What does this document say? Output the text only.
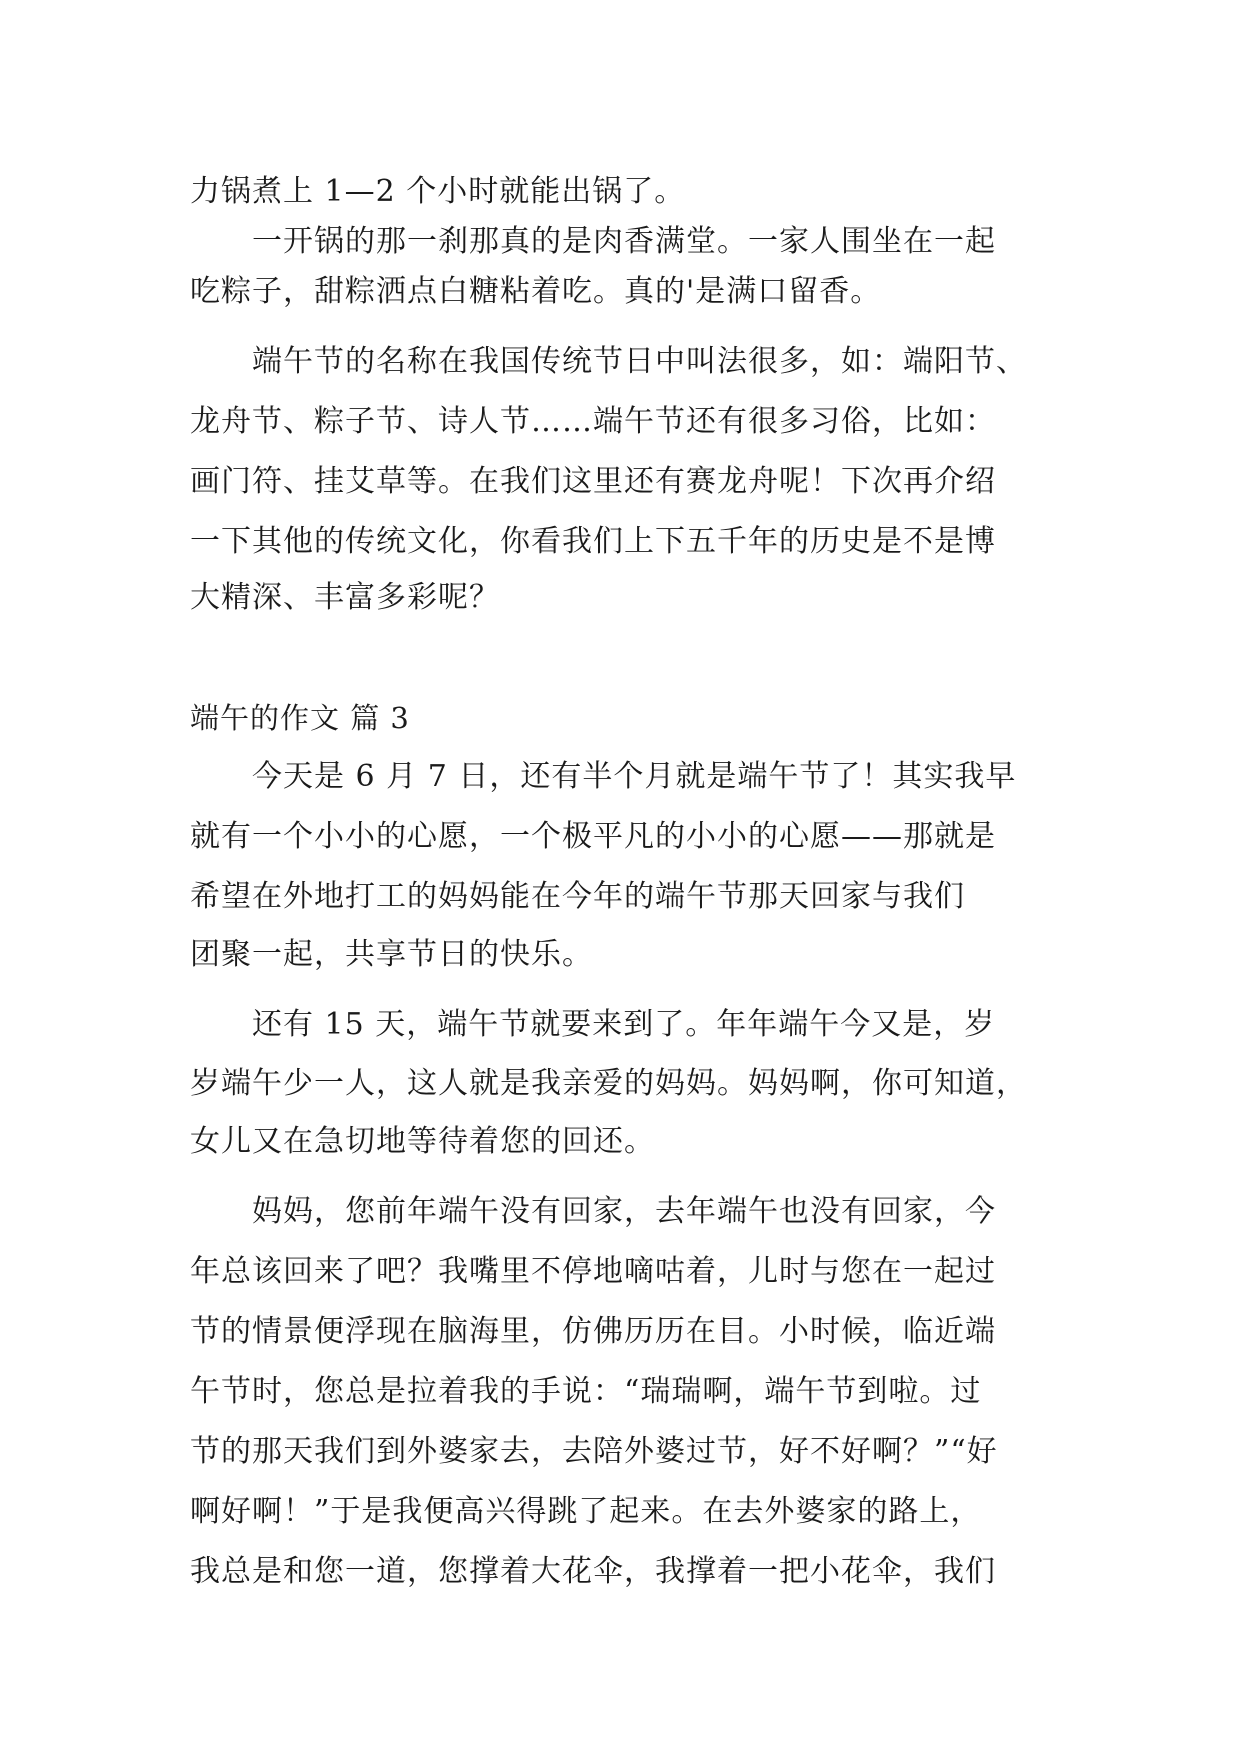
力锅煮上 1—2 个小时就能出锅了。
一开锅的那一刹那真的是肉香满堂。一家人围坐在一起
吃粽子，甜粽洒点白糖粘着吃。真的'是满口留香。
端午节的名称在我国传统节日中叫法很多，如：端阳节、
龙舟节、粽子节、诗人节……端午节还有很多习俗，比如：
画门符、挂艾草等。在我们这里还有赛龙舟呢！下次再介绍
一下其他的传统文化，你看我们上下五千年的历史是不是博
大精深、丰富多彩呢？
端午的作文 篇 3
今天是 6 月 7 日，还有半个月就是端午节了！其实我早
就有一个小小的心愿，一个极平凡的小小的心愿——那就是
希望在外地打工的妈妈能在今年的端午节那天回家与我们
团聚一起，共享节日的快乐。
还有 15 天，端午节就要来到了。年年端午今又是，岁
岁端午少一人，这人就是我亲爱的妈妈。妈妈啊，你可知道，
女儿又在急切地等待着您的回还。
妈妈，您前年端午没有回家，去年端午也没有回家，今
年总该回来了吧？我嘴里不停地嘀咕着，儿时与您在一起过
节的情景便浮现在脑海里，仿佛历历在目。小时候，临近端
午节时，您总是拉着我的手说：“瑞瑞啊，端午节到啦。过
节的那天我们到外婆家去，去陪外婆过节，好不好啊？”“好
啊好啊！”于是我便高兴得跳了起来。在去外婆家的路上，
我总是和您一道，您撑着大花伞，我撑着一把小花伞，我们
